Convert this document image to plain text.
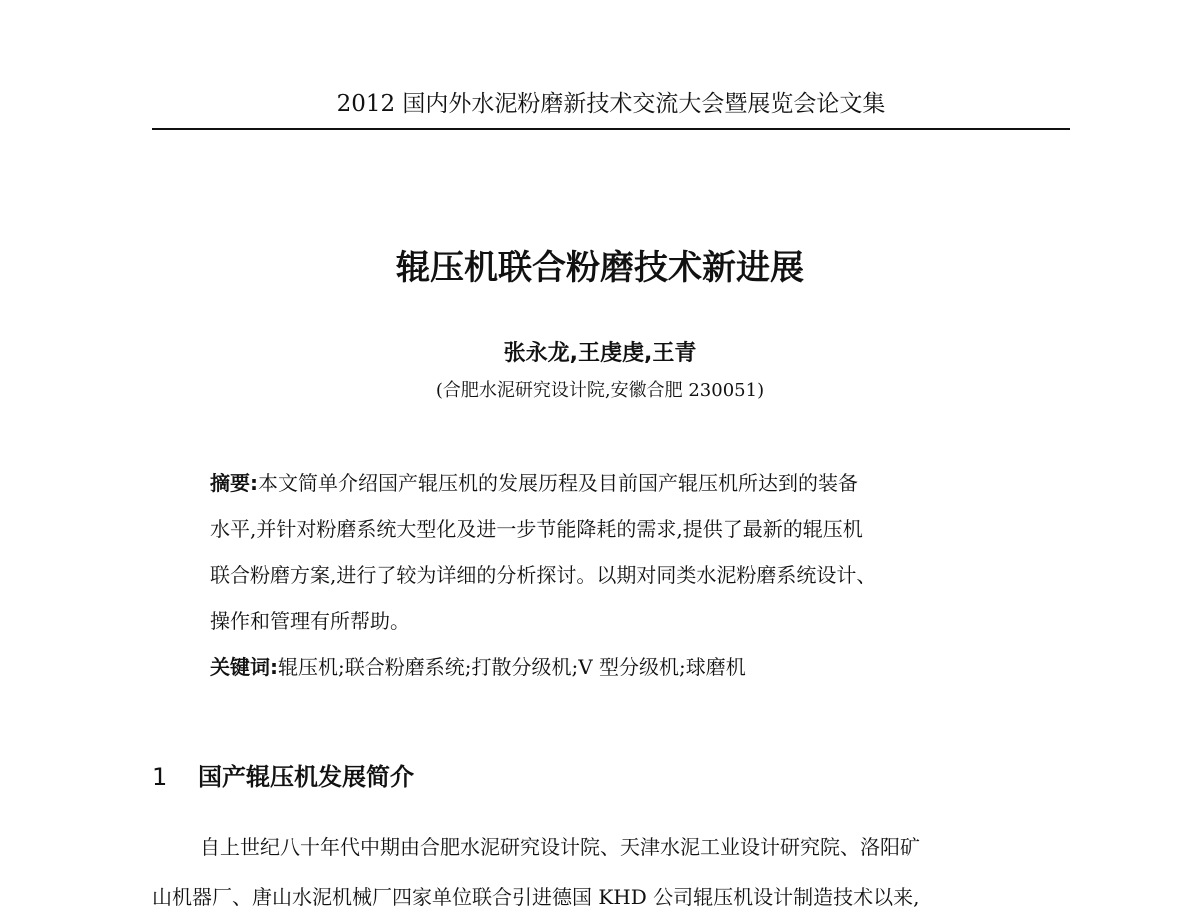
2012 国内外水泥粉磨新技术交流大会暨展览会论文集
辊压机联合粉磨技术新进展
张永龙,王虔虔,王青
(合肥水泥研究设计院,安徽合肥 230051)
摘要:本文简单介绍国产辊压机的发展历程及目前国产辊压机所达到的装备
水平,并针对粉磨系统大型化及进一步节能降耗的需求,提供了最新的辊压机
联合粉磨方案,进行了较为详细的分析探讨。以期对同类水泥粉磨系统设计、
操作和管理有所帮助。
关键词:辊压机;联合粉磨系统;打散分级机;V 型分级机;球磨机
1 国产辊压机发展简介
自上世纪八十年代中期由合肥水泥研究设计院、天津水泥工业设计研究院、洛阳矿
山机器厂、唐山水泥机械厂四家单位联合引进德国 KHD 公司辊压机设计制造技术以来,
